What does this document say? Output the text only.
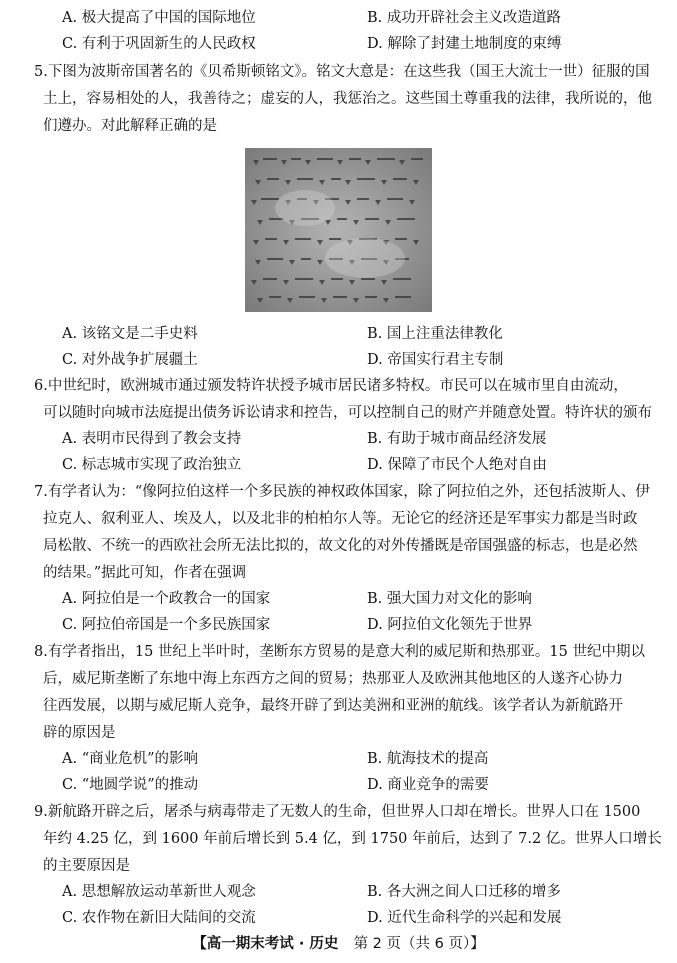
A. 极大提高了中国的国际地位	B. 成功开辟社会主义改造道路
C. 有利于巩固新生的人民政权	D. 解除了封建土地制度的束缚
5.下图为波斯帝国著名的《贝希斯顿铭文》。铭文大意是：在这些我（国王大流士一世）征服的国
土上，容易相处的人，我善待之；虚妄的人，我惩治之。这些国土尊重我的法律，我所说的，他
们遵办。对此解释正确的是
A. 该铭文是二手史料	B. 国上注重法律教化
C. 对外战争扩展疆土	D. 帝国实行君主专制
6.中世纪时，欧洲城市通过颁发特许状授予城市居民诸多特权。市民可以在城市里自由流动，
可以随时向城市法庭提出债务诉讼请求和控告，可以控制自己的财产并随意处置。特许状的颁布
A. 表明市民得到了教会支持	B. 有助于城市商品经济发展
C. 标志城市实现了政治独立	D. 保障了市民个人绝对自由
7.有学者认为：“像阿拉伯这样一个多民族的神权政体国家，除了阿拉伯之外，还包括波斯人、伊
拉克人、叙利亚人、埃及人，以及北非的柏柏尔人等。无论它的经济还是军事实力都是当时政
局松散、不统一的西欧社会所无法比拟的，故文化的对外传播既是帝国强盛的标志，也是必然
的结果。”据此可知，作者在强调
A. 阿拉伯是一个政教合一的国家	B. 强大国力对文化的影响
C. 阿拉伯帝国是一个多民族国家	D. 阿拉伯文化领先于世界
8.有学者指出，15 世纪上半叶时，垄断东方贸易的是意大利的威尼斯和热那亚。15 世纪中期以
后，威尼斯垄断了东地中海上东西方之间的贸易；热那亚人及欧洲其他地区的人遂齐心协力
往西发展，以期与威尼斯人竞争，最终开辟了到达美洲和亚洲的航线。该学者认为新航路开
辟的原因是
A. “商业危机”的影响	B. 航海技术的提高
C. “地圆学说”的推动	D. 商业竞争的需要
9.新航路开辟之后，屠杀与病毒带走了无数人的生命，但世界人口却在增长。世界人口在 1500
年约 4.25 亿，到 1600 年前后增长到 5.4 亿，到 1750 年前后，达到了 7.2 亿。世界人口增长
的主要原因是
A. 思想解放运动革新世人观念	B. 各大洲之间人口迁移的增多
C. 农作物在新旧大陆间的交流	D. 近代生命科学的兴起和发展
【高一期末考试 · 历史 第 2 页（共 6 页）】
